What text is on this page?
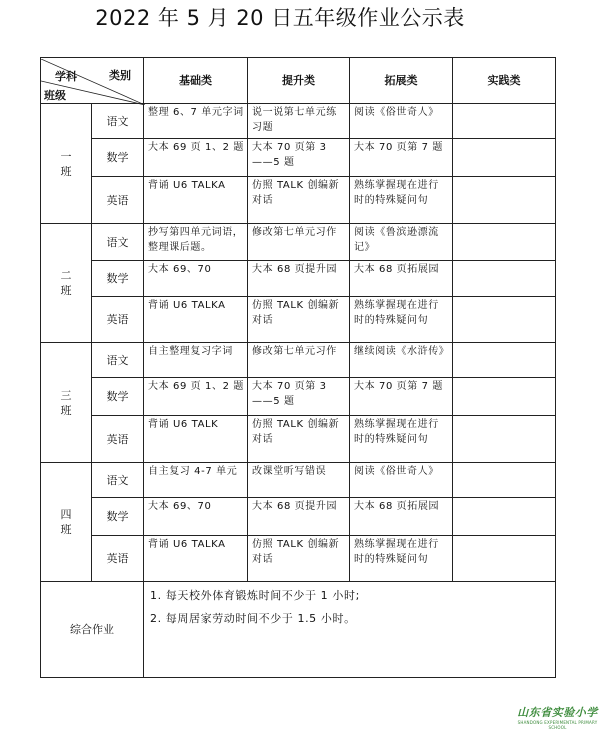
2022 年 5 月 20 日五年级作业公示表
学科 类别
班级		基础类	提升类	拓展类	实践类

一
班	语文	整理 6、7 单元字词	说一说第七单元练习题	阅读《俗世奇人》	

	数学	大本 69 页 1、2 题	大本 70 页第 3——5 题	大本 70 页第 7 题	

	英语	背诵 U6 TALKA	仿照 TALK 创编新对话	熟练掌握现在进行时的特殊疑问句	

二
班	语文	抄写第四单元词语，整理课后题。	修改第七单元习作	阅读《鲁滨逊漂流记》	

	数学	大本 69、70	大本 68 页提升园	大本 68 页拓展园	

	英语	背诵 U6 TALKA	仿照 TALK 创编新对话	熟练掌握现在进行时的特殊疑问句	

三
班	语文	自主整理复习字词	修改第七单元习作	继续阅读《水浒传》	

	数学	大本 69 页 1、2 题	大本 70 页第 3——5 题	大本 70 页第 7 题	

	英语	背诵 U6 TALK	仿照 TALK 创编新对话	熟练掌握现在进行时的特殊疑问句	

四
班	语文	自主复习 4-7 单元	改课堂听写错误	阅读《俗世奇人》	

	数学	大本 69、70	大本 68 页提升园	大本 68 页拓展园	

	英语	背诵 U6 TALKA	仿照 TALK 创编新对话	熟练掌握现在进行时的特殊疑问句	

综合作业		1. 每天校外体育锻炼时间不少于 1 小时;
2. 每周居家劳动时间不少于 1.5 小时。			
山东省实验小学
SHANDONG EXPERIMENTAL PRIMARY SCHOOL
